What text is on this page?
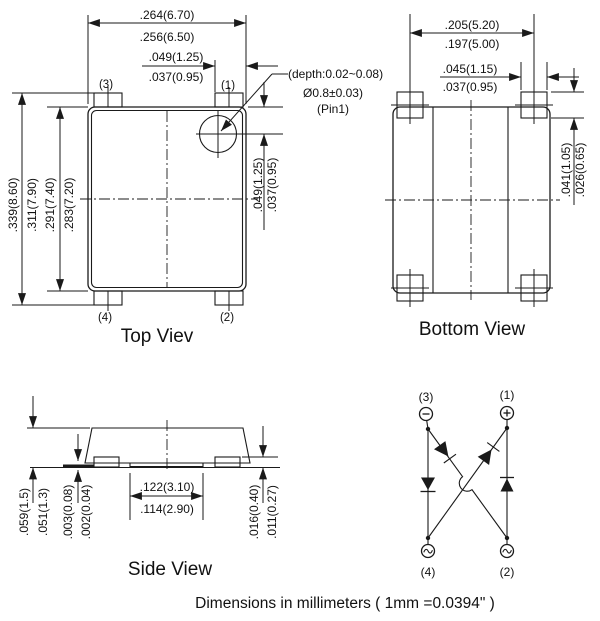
.264(6.70)
.256(6.50)
.049(1.25)
.037(0.95)
.339(8.60) .311(7.90) .291(7.40) .283(7.20)	.049(1.25) .037(0.95)
(depth:0.02~0.08)
Ø0.8±0.03)
(Pin1)
(3)	(1)
(4)	(2)
Top Viev
.205(5.20)
.197(5.00)
.045(1.15)
.037(0.95)
.041(1.05) .026(0.65)
Bottom View
.059(1.5) .051(1.3) .003(0.08) .002(0.04)	.122(3.10)
.114(2.90)	.016(0.40) .011(0.27)
Side View
(3)	(1)
(4)	(2)
Dimensions in millimeters ( 1mm =0.0394" )
